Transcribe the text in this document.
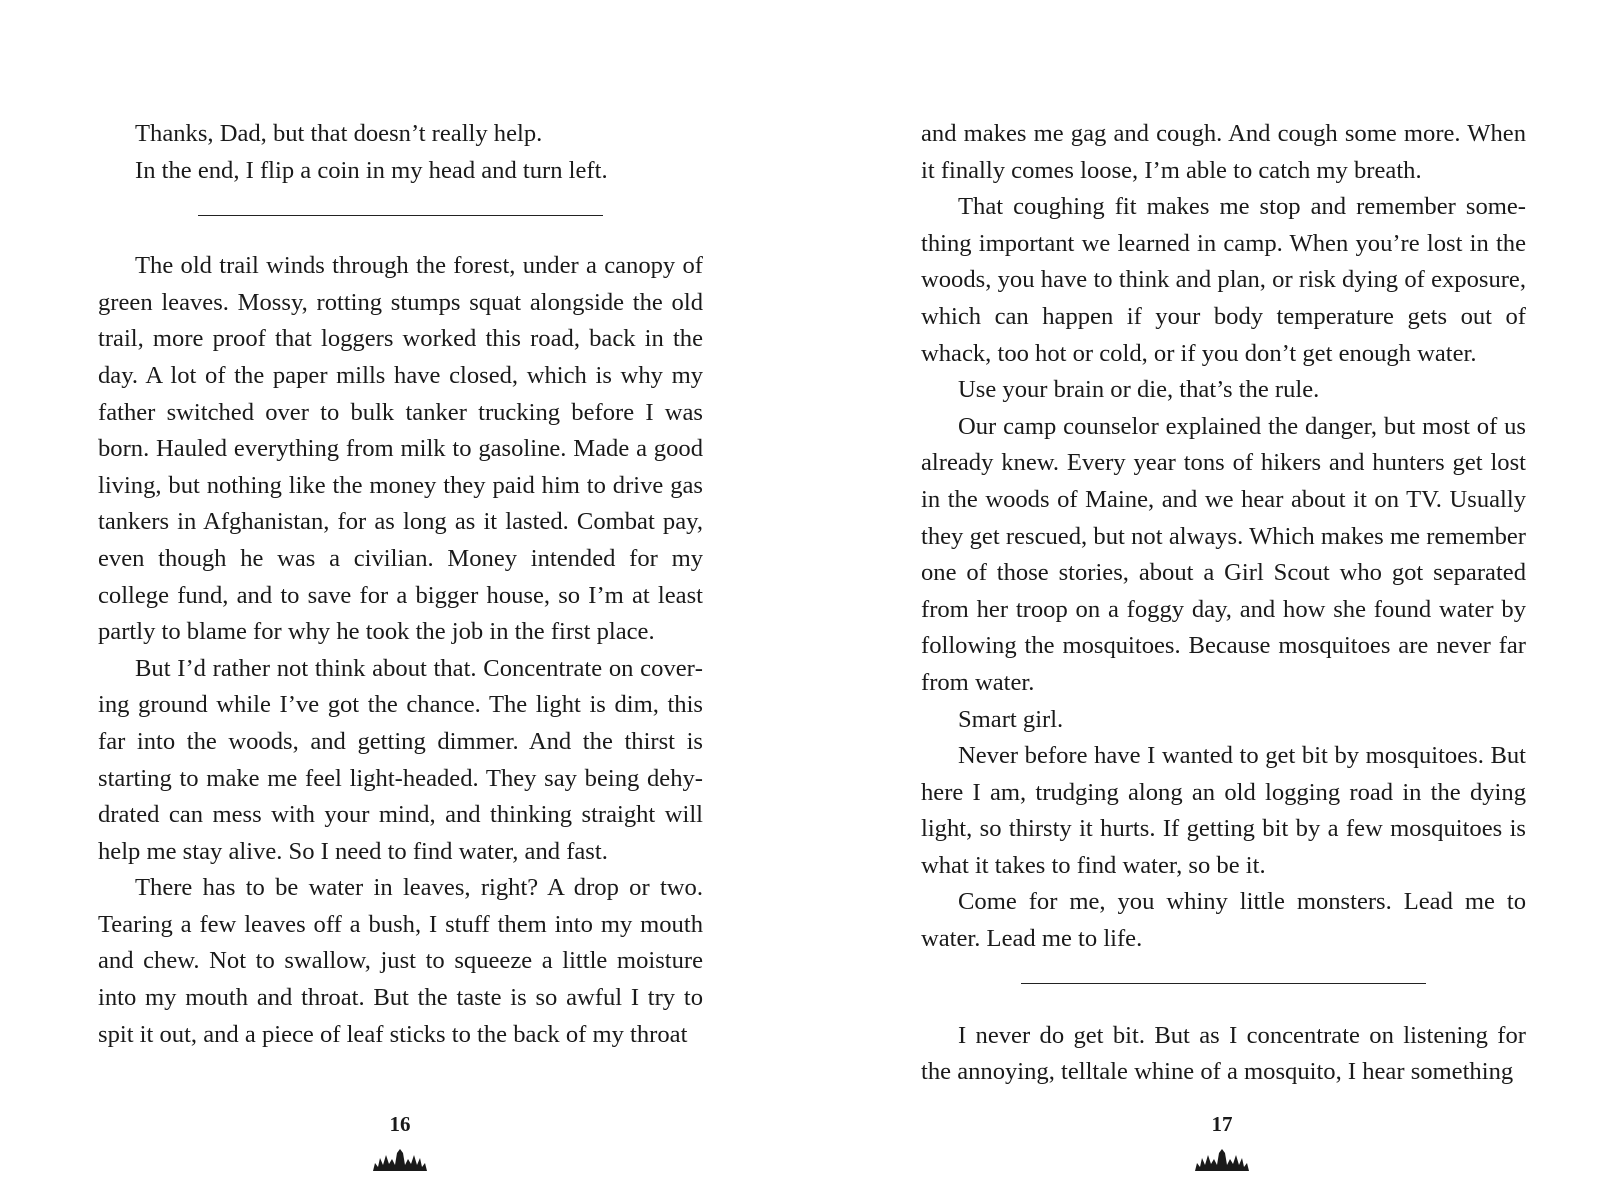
Thanks, Dad, but that doesn’t really help.

In the end, I flip a coin in my head and turn left.

The old trail winds through the forest, under a canopy of green leaves. Mossy, rotting stumps squat alongside the old trail, more proof that loggers worked this road, back in the day. A lot of the paper mills have closed, which is why my father switched over to bulk tanker trucking before I was born. Hauled everything from milk to gasoline. Made a good living, but nothing like the money they paid him to drive gas tankers in Afghanistan, for as long as it lasted. Combat pay, even though he was a civilian. Money intended for my college fund, and to save for a bigger house, so I’m at least partly to blame for why he took the job in the first place.

But I’d rather not think about that. Concentrate on covering ground while I’ve got the chance. The light is dim, this far into the woods, and getting dimmer. And the thirst is starting to make me feel light-headed. They say being dehydrated can mess with your mind, and thinking straight will help me stay alive. So I need to find water, and fast.

There has to be water in leaves, right? A drop or two. Tearing a few leaves off a bush, I stuff them into my mouth and chew. Not to swallow, just to squeeze a little moisture into my mouth and throat. But the taste is so awful I try to spit it out, and a piece of leaf sticks to the back of my throat

and makes me gag and cough. And cough some more. When it finally comes loose, I’m able to catch my breath.

That coughing fit makes me stop and remember something important we learned in camp. When you’re lost in the woods, you have to think and plan, or risk dying of exposure, which can happen if your body temperature gets out of whack, too hot or cold, or if you don’t get enough water.

Use your brain or die, that’s the rule.

Our camp counselor explained the danger, but most of us already knew. Every year tons of hikers and hunters get lost in the woods of Maine, and we hear about it on TV. Usually they get rescued, but not always. Which makes me remember one of those stories, about a Girl Scout who got separated from her troop on a foggy day, and how she found water by following the mosquitoes. Because mosquitoes are never far from water.

Smart girl.

Never before have I wanted to get bit by mosquitoes. But here I am, trudging along an old logging road in the dying light, so thirsty it hurts. If getting bit by a few mosquitoes is what it takes to find water, so be it.

Come for me, you whiny little monsters. Lead me to water. Lead me to life.

I never do get bit. But as I concentrate on listening for the annoying, telltale whine of a mosquito, I hear something

16	17
